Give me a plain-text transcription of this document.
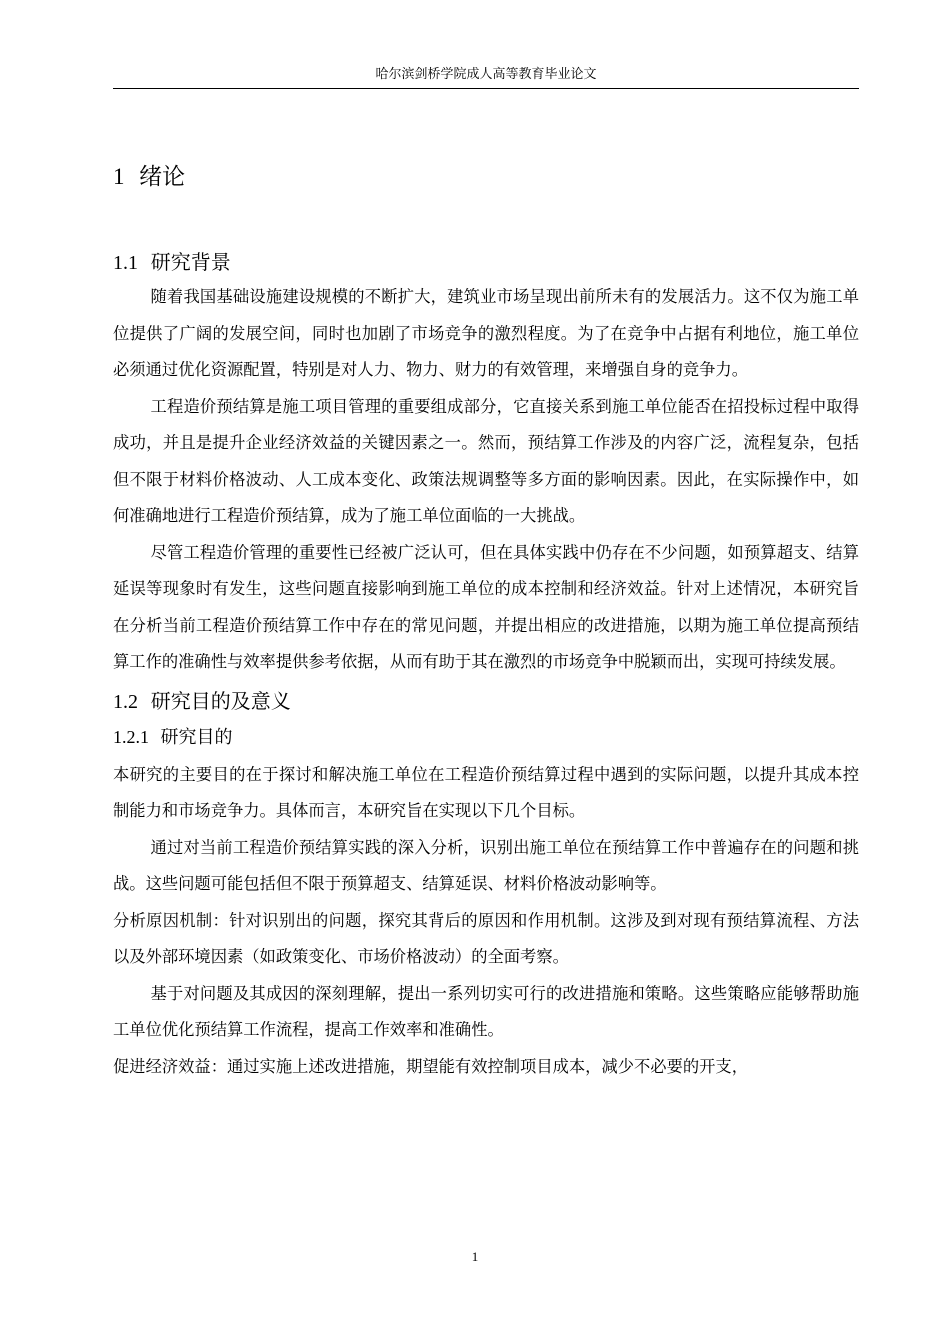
哈尔滨剑桥学院成人高等教育毕业论文
1 绪论
1.1 研究背景

随着我国基础设施建设规模的不断扩大，建筑业市场呈现出前所未有的发展活力。这不仅为施工单位提供了广阔的发展空间，同时也加剧了市场竞争的激烈程度。为了在竞争中占据有利地位，施工单位必须通过优化资源配置，特别是对人力、物力、财力的有效管理，来增强自身的竞争力。

工程造价预结算是施工项目管理的重要组成部分，它直接关系到施工单位能否在招投标过程中取得成功，并且是提升企业经济效益的关键因素之一。然而，预结算工作涉及的内容广泛，流程复杂，包括但不限于材料价格波动、人工成本变化、政策法规调整等多方面的影响因素。因此，在实际操作中，如何准确地进行工程造价预结算，成为了施工单位面临的一大挑战。

尽管工程造价管理的重要性已经被广泛认可，但在具体实践中仍存在不少问题，如预算超支、结算延误等现象时有发生，这些问题直接影响到施工单位的成本控制和经济效益。针对上述情况，本研究旨在分析当前工程造价预结算工作中存在的常见问题，并提出相应的改进措施，以期为施工单位提高预结算工作的准确性与效率提供参考依据，从而有助于其在激烈的市场竞争中脱颖而出，实现可持续发展。

1.2 研究目的及意义
1.2.1 研究目的

本研究的主要目的在于探讨和解决施工单位在工程造价预结算过程中遇到的实际问题，以提升其成本控制能力和市场竞争力。具体而言，本研究旨在实现以下几个目标。

通过对当前工程造价预结算实践的深入分析，识别出施工单位在预结算工作中普遍存在的问题和挑战。这些问题可能包括但不限于预算超支、结算延误、材料价格波动影响等。

分析原因机制：针对识别出的问题，探究其背后的原因和作用机制。这涉及到对现有预结算流程、方法以及外部环境因素（如政策变化、市场价格波动）的全面考察。

基于对问题及其成因的深刻理解，提出一系列切实可行的改进措施和策略。这些策略应能够帮助施工单位优化预结算工作流程，提高工作效率和准确性。

促进经济效益：通过实施上述改进措施，期望能有效控制项目成本，减少不必要的开支，

1
